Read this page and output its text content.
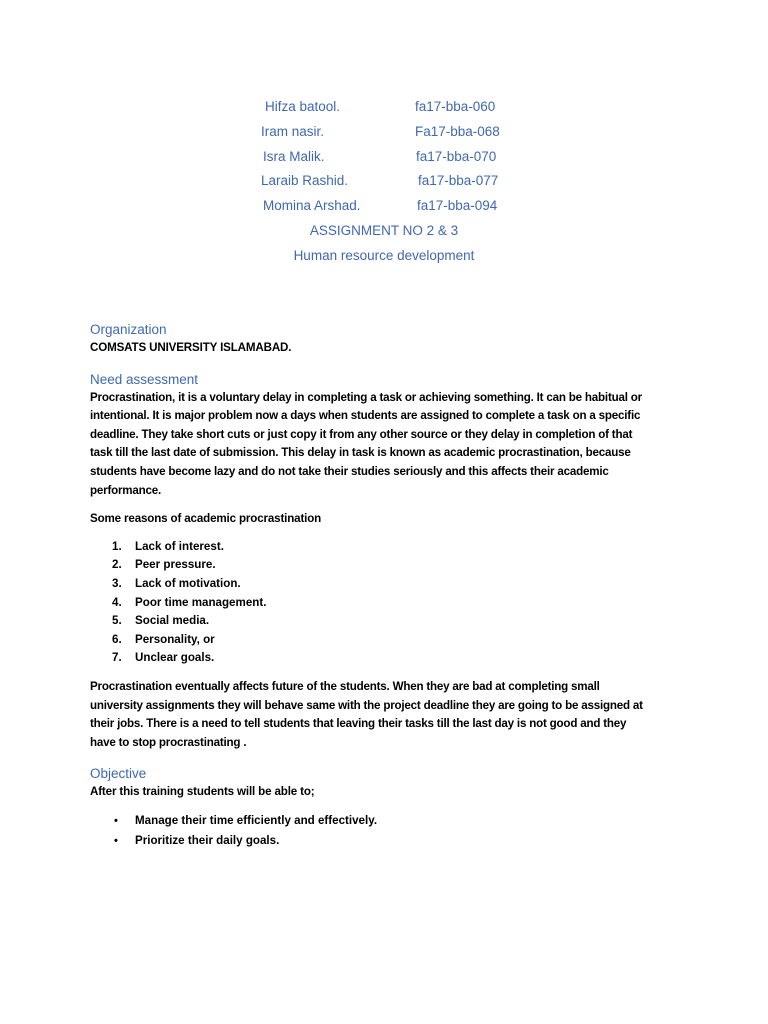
Hifza batool.	fa17-bba-060
Iram nasir.	Fa17-bba-068
Isra Malik.	fa17-bba-070
Laraib Rashid.	fa17-bba-077
Momina Arshad.	fa17-bba-094
ASSIGNMENT NO 2 & 3
Human resource development
Organization

COMSATS UNIVERSITY ISLAMABAD.

Need assessment

Procrastination, it is a voluntary delay in completing a task or achieving something. It can be habitual or

intentional. It is major problem now a days when students are assigned to complete a task on a specific

deadline. They take short cuts or just copy it from any other source or they delay in completion of that

task till the last date of submission. This delay in task is known as academic procrastination, because

students have become lazy and do not take their studies seriously and this affects their academic

performance.

Some reasons of academic procrastination

1. Lack of interest.
2. Peer pressure.
3. Lack of motivation.
4. Poor time management.
5. Social media.
6. Personality, or
7. Unclear goals.

Procrastination eventually affects future of the students. When they are bad at completing small

university assignments they will behave same with the project deadline they are going to be assigned at

their jobs. There is a need to tell students that leaving their tasks till the last day is not good and they

have to stop procrastinating .

Objective

After this training students will be able to;

• Manage their time efficiently and effectively.
• Prioritize their daily goals.
